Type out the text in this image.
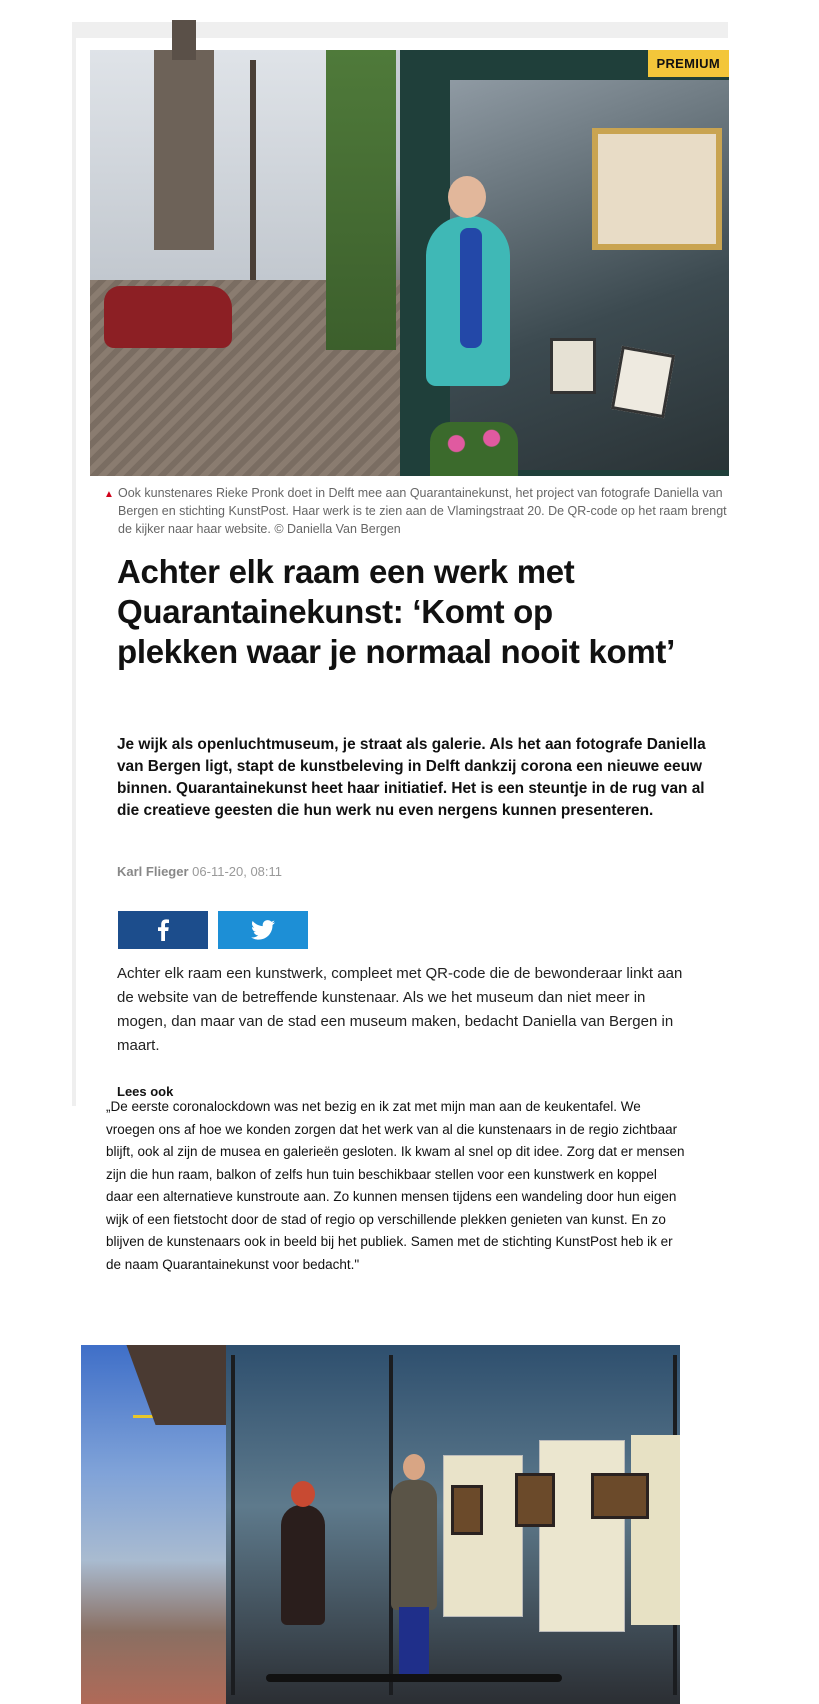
PREMIUM
▲ Ook kunstenares Rieke Pronk doet in Delft mee aan Quarantainekunst, het project van fotografe Daniella van Bergen en stichting KunstPost. Haar werk is te zien aan de Vlamingstraat 20. De QR-code op het raam brengt de kijker naar haar website. © Daniella Van Bergen
Achter elk raam een werk met Quarantainekunst: ‘Komt op plekken waar je normaal nooit komt’

Je wijk als openluchtmuseum, je straat als galerie. Als het aan fotografe Daniella van Bergen ligt, stapt de kunstbeleving in Delft dankzij corona een nieuwe eeuw binnen. Quarantainekunst heet haar initiatief. Het is een steuntje in de rug van al die creatieve geesten die hun werk nu even nergens kunnen presenteren.

Karl Flieger 06-11-20, 08:11

Achter elk raam een kunstwerk, compleet met QR-code die de bewonderaar linkt aan de website van de betreffende kunstenaar. Als we het museum dan niet meer in mogen, dan maar van de stad een museum maken, bedacht Daniella van Bergen in maart.

„De eerste coronalockdown was net bezig en ik zat met mijn man aan de keukentafel. We vroegen ons af hoe we konden zorgen dat het werk van al die kunstenaars in de regio zichtbaar blijft, ook al zijn de musea en galerieën gesloten. Ik kwam al snel op dit idee. Zorg dat er mensen zijn die hun raam, balkon of zelfs hun tuin beschikbaar stellen voor een kunstwerk en koppel daar een alternatieve kunstroute aan. Zo kunnen mensen tijdens een wandeling door hun eigen wijk of een fietstocht door de stad of regio op verschillende plekken genieten van kunst. En zo blijven de kunstenaars ook in beeld bij het publiek. Samen met de stichting KunstPost heb ik er de naam Quarantainekunst voor bedacht."
